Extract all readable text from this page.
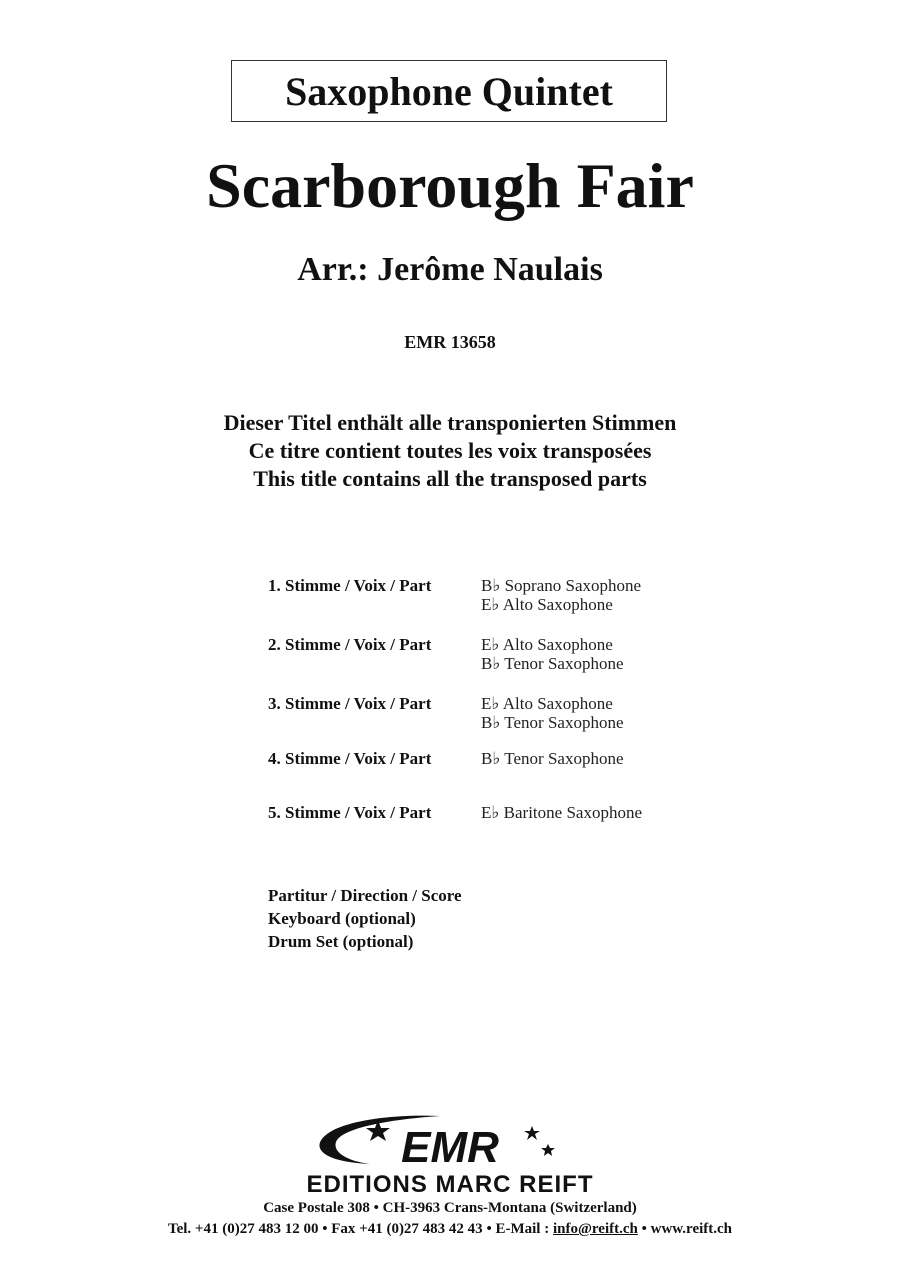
Saxophone Quintet
Scarborough Fair
Arr.: Jerôme Naulais
EMR 13658
Dieser Titel enthält alle transponierten Stimmen
Ce titre contient toutes les voix transposées
This title contains all the transposed parts
1. Stimme / Voix / Part	B♭ Soprano Saxophone
E♭ Alto Saxophone
2. Stimme / Voix / Part	E♭ Alto Saxophone
B♭ Tenor Saxophone
3. Stimme / Voix / Part	E♭ Alto Saxophone
B♭ Tenor Saxophone
4. Stimme / Voix / Part	B♭ Tenor Saxophone
5. Stimme / Voix / Part	E♭ Baritone Saxophone
Partitur / Direction / Score
Keyboard (optional)
Drum Set (optional)
EMR
EDITIONS MARC REIFT
Case Postale 308 • CH-3963 Crans-Montana (Switzerland)
Tel. +41 (0)27 483 12 00 • Fax +41 (0)27 483 42 43 • E-Mail : info@reift.ch • www.reift.ch
